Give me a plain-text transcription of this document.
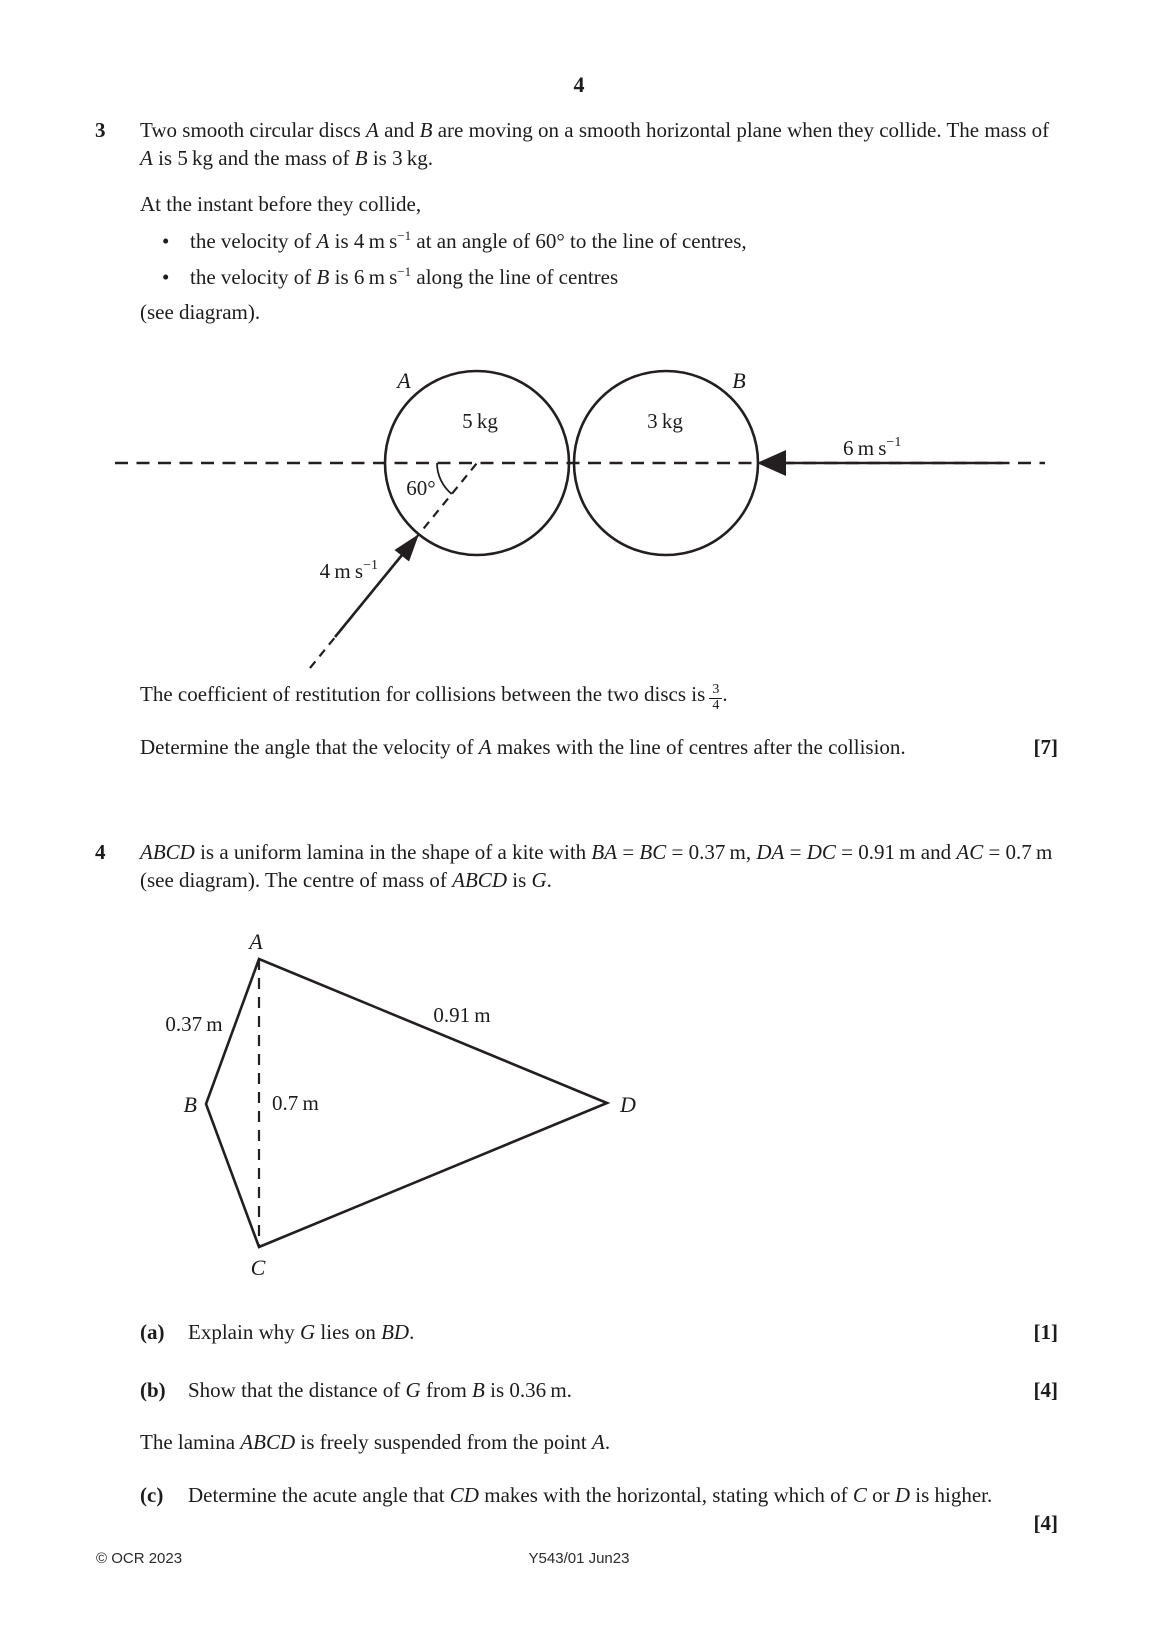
4
3	Two smooth circular discs A and B are moving on a smooth horizontal plane when they collide. The mass of A is 5 kg and the mass of B is 3 kg.
At the instant before they collide,
• the velocity of A is 4 m $s^{-1}$ at an angle of 60° to the line of centres,
• the velocity of B is 6 m $s^{-1}$ along the line of centres
(see diagram).
A	B
5 kg	3 kg
60°
6 m $s^{-1}$
4 m $s^{-1}$
The coefficient of restitution for collisions between the two discs is $\frac{3}{4}$ .
Determine the angle that the velocity of A makes with the line of centres after the collision.	[7]
4	ABCD is a uniform lamina in the shape of a kite with BA = BC = 0.37 m, DA = DC = 0.91 m and AC = 0.7 m (see diagram). The centre of mass of ABCD is G.
A
B
C
D
0.37 m	0.91 m
0.7 m
(a)	Explain why G lies on BD.	[1]
(b)	Show that the distance of G from B is 0.36 m.	[4]
The lamina ABCD is freely suspended from the point A.
(c)	Determine the acute angle that CD makes with the horizontal, stating which of C or D is higher.
[4]
© OCR 2023	Y543/01 Jun23
